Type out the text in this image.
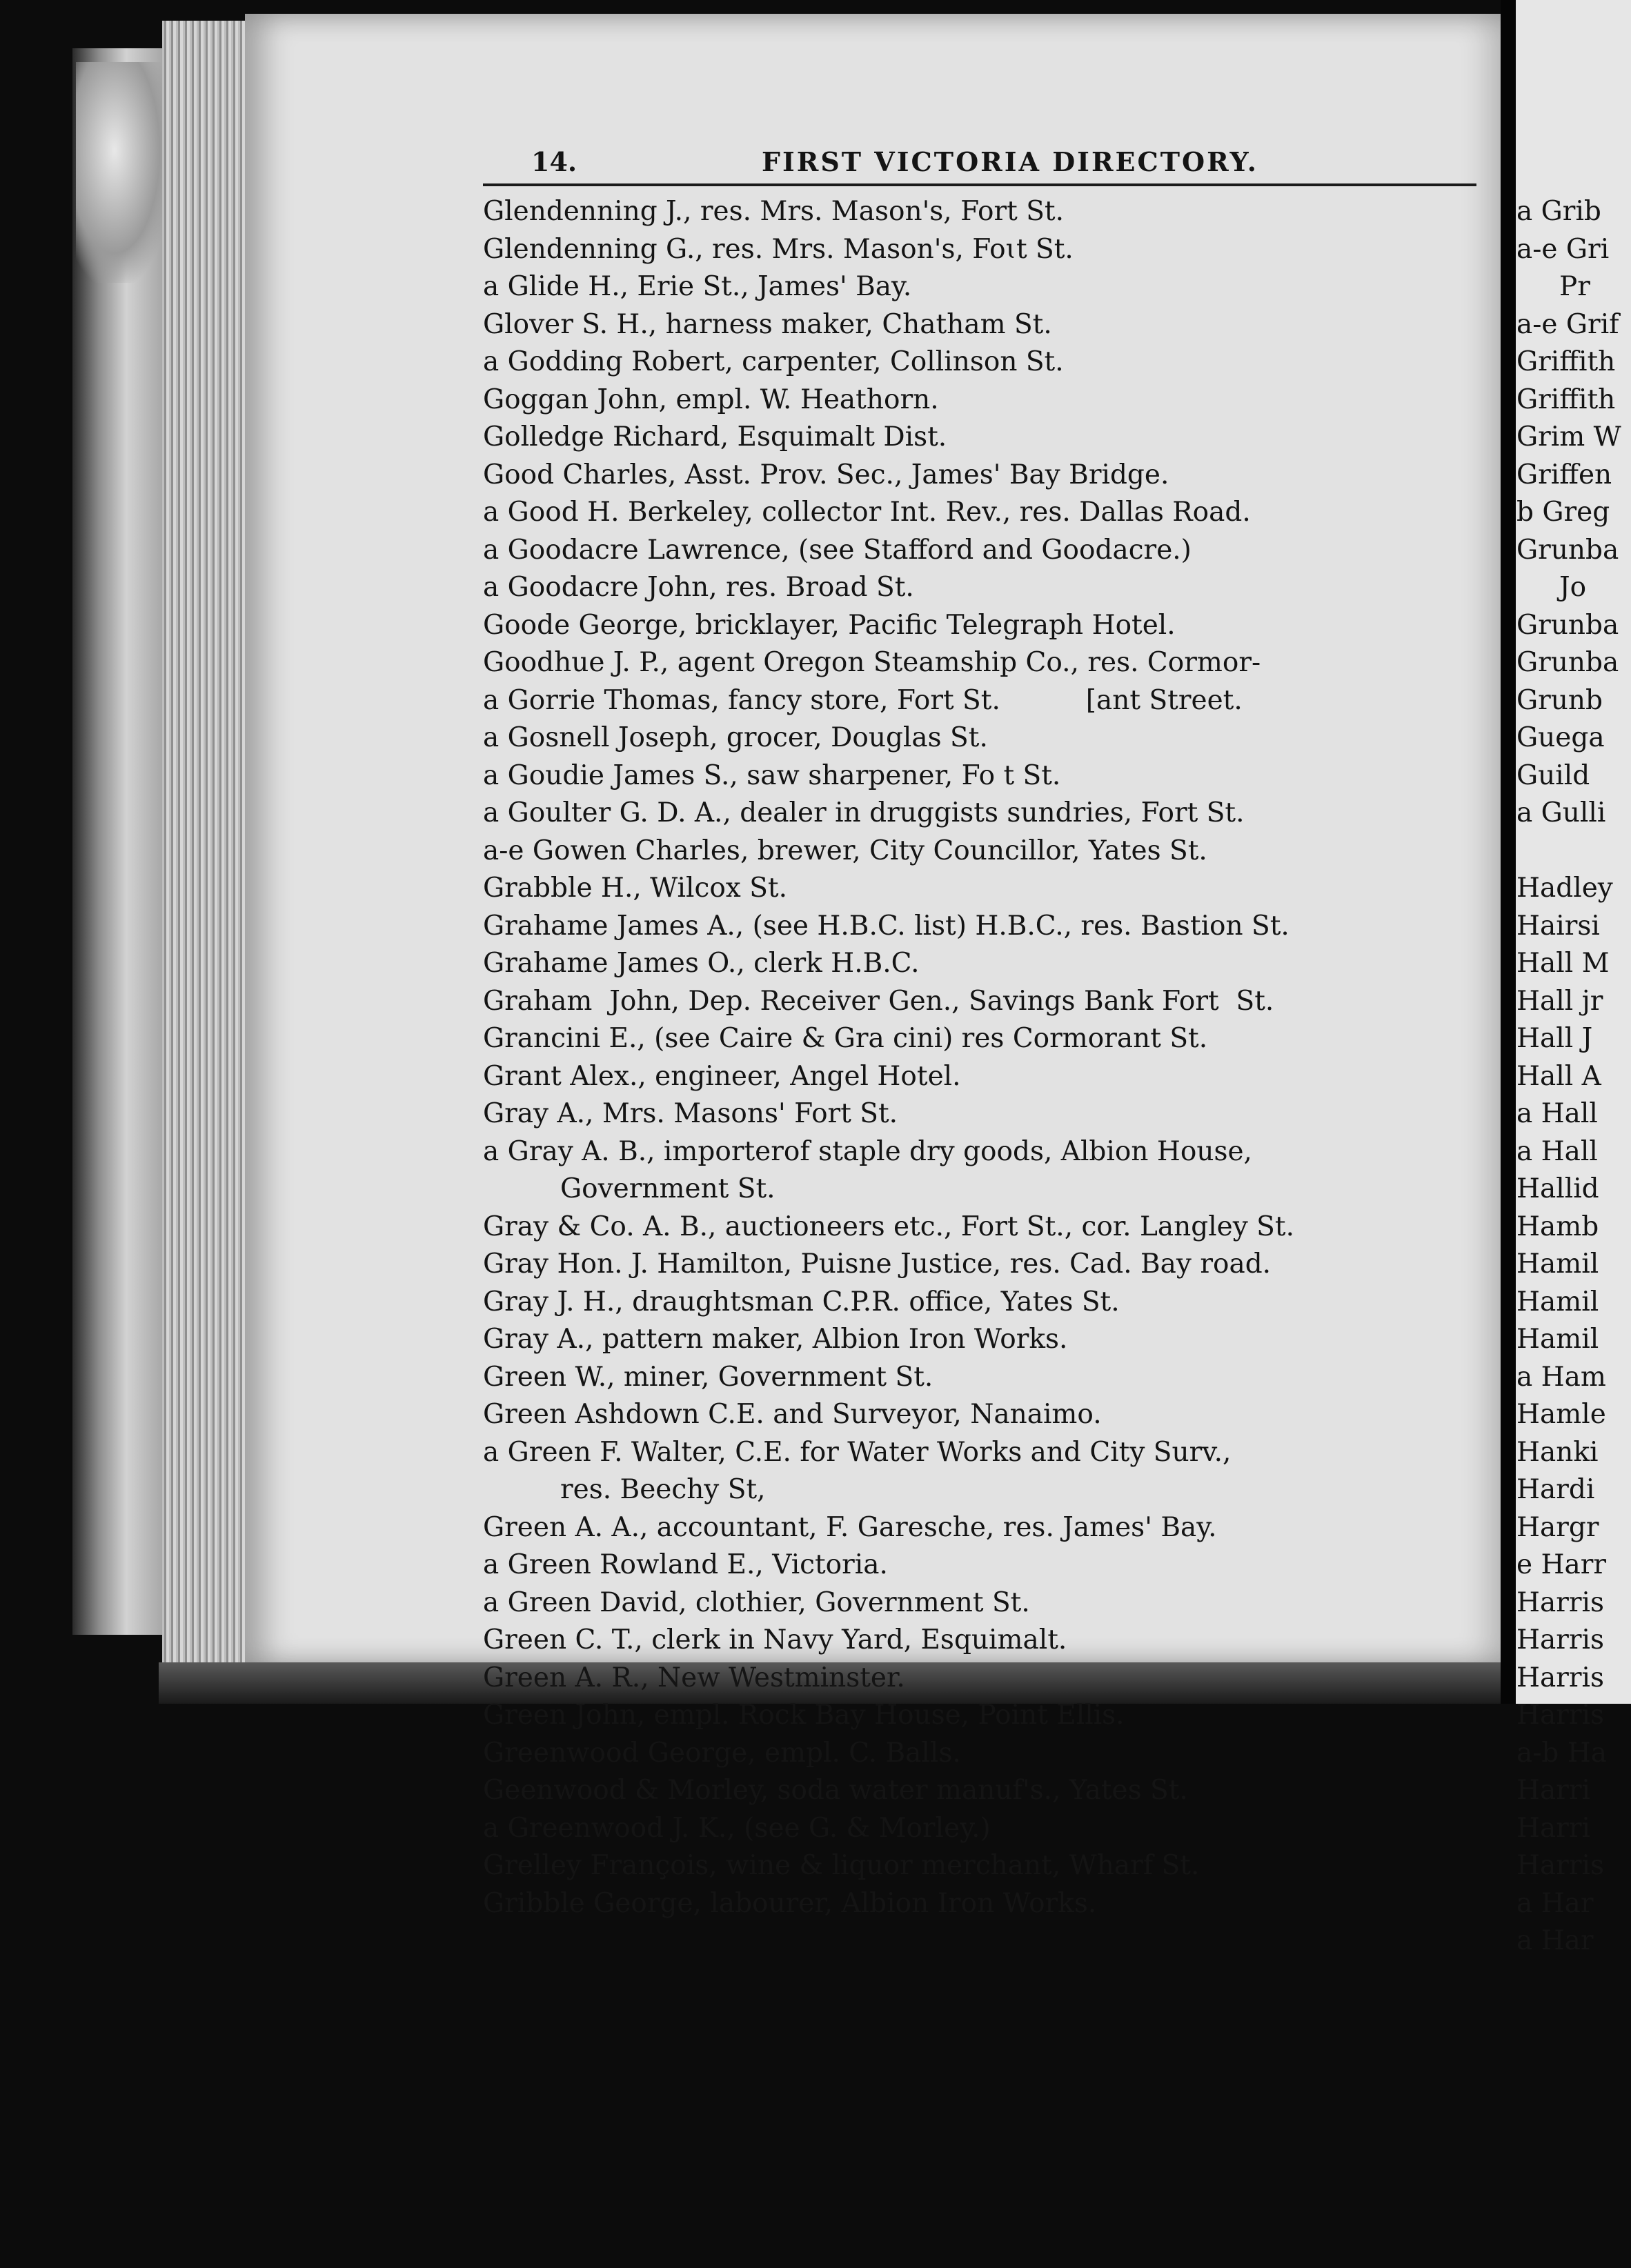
14.	FIRST VICTORIA DIRECTORY.
Glendenning J., res. Mrs. Mason's, Fort St.
Glendenning G., res. Mrs. Mason's, Foɩt St.
a Glide H., Erie St., James' Bay.
Glover S. H., harness maker, Chatham St.
a Godding Robert, carpenter, Collinson St.
Goggan John, empl. W. Heathorn.
Golledge Richard, Esquimalt Dist.
Good Charles, Asst. Prov. Sec., James' Bay Bridge.
a Good H. Berkeley, collector Int. Rev., res. Dallas Road.
a Goodacre Lawrence, (see Stafford and Goodacre.)
a Goodacre John, res. Broad St.
Goode George, bricklayer, Pacific Telegraph Hotel.
Goodhue J. P., agent Oregon Steamship Co., res. Cormor-
a Gorrie Thomas, fancy store, Fort St.          [ant Street.
a Gosnell Joseph, grocer, Douglas St.
a Goudie James S., saw sharpener, Fo t St.
a Goulter G. D. A., dealer in druggists sundries, Fort St.
a-e Gowen Charles, brewer, City Councillor, Yates St.
Grabble H., Wilcox St.
Grahame James A., (see H.B.C. list) H.B.C., res. Bastion St.
Grahame James O., clerk H.B.C.
Graham  John, Dep. Receiver Gen., Savings Bank Fort  St.
Grancini E., (see Caire & Gra cini) res Cormorant St.
Grant Alex., engineer, Angel Hotel.
Gray A., Mrs. Masons' Fort St.
a Gray A. B., importerof staple dry goods, Albion House,
Government St.
Gray & Co. A. B., auctioneers etc., Fort St., cor. Langley St.
Gray Hon. J. Hamilton, Puisne Justice, res. Cad. Bay road.
Gray J. H., draughtsman C.P.R. office, Yates St.
Gray A., pattern maker, Albion Iron Works.
Green W., miner, Government St.
Green Ashdown C.E. and Surveyor, Nanaimo.
a Green F. Walter, C.E. for Water Works and City Surv.,
res. Beechy St,
Green A. A., accountant, F. Garesche, res. James' Bay.
a Green Rowland E., Victoria.
a Green David, clothier, Government St.
Green C. T., clerk in Navy Yard, Esquimalt.
Green A. R., New Westminster.
Green John, empl. Rock Bay House, Point Ellis.
Greenwood George, empl. C. Balls.
Geenwood & Morley, soda water manuf's., Yates St.
a Greenwood J. K., (see G. & Morley.)
Grelley François, wine & liquor merchant, Wharf St.
Gribble George, labourer, Albion Iron Works.
a Grib
a-e Gri
Pr
a-e Grif
Griffith
Griffith
Grim W
Griffen
b Greg
Grunba
Jo
Grunba
Grunba
Grunb
Guega
Guild
a Gulli
Hadley
Hairsi
Hall M
Hall jr
Hall J
Hall A
a Hall
a Hall
Hallid
Hamb
Hamil
Hamil
Hamil
a Ham
Hamle
Hanki
Hardi
Hargr
e Harr
Harris
Harris
Harris
Harris
a-b Ha
Harri
Harri
Harris
a Har
a Har
